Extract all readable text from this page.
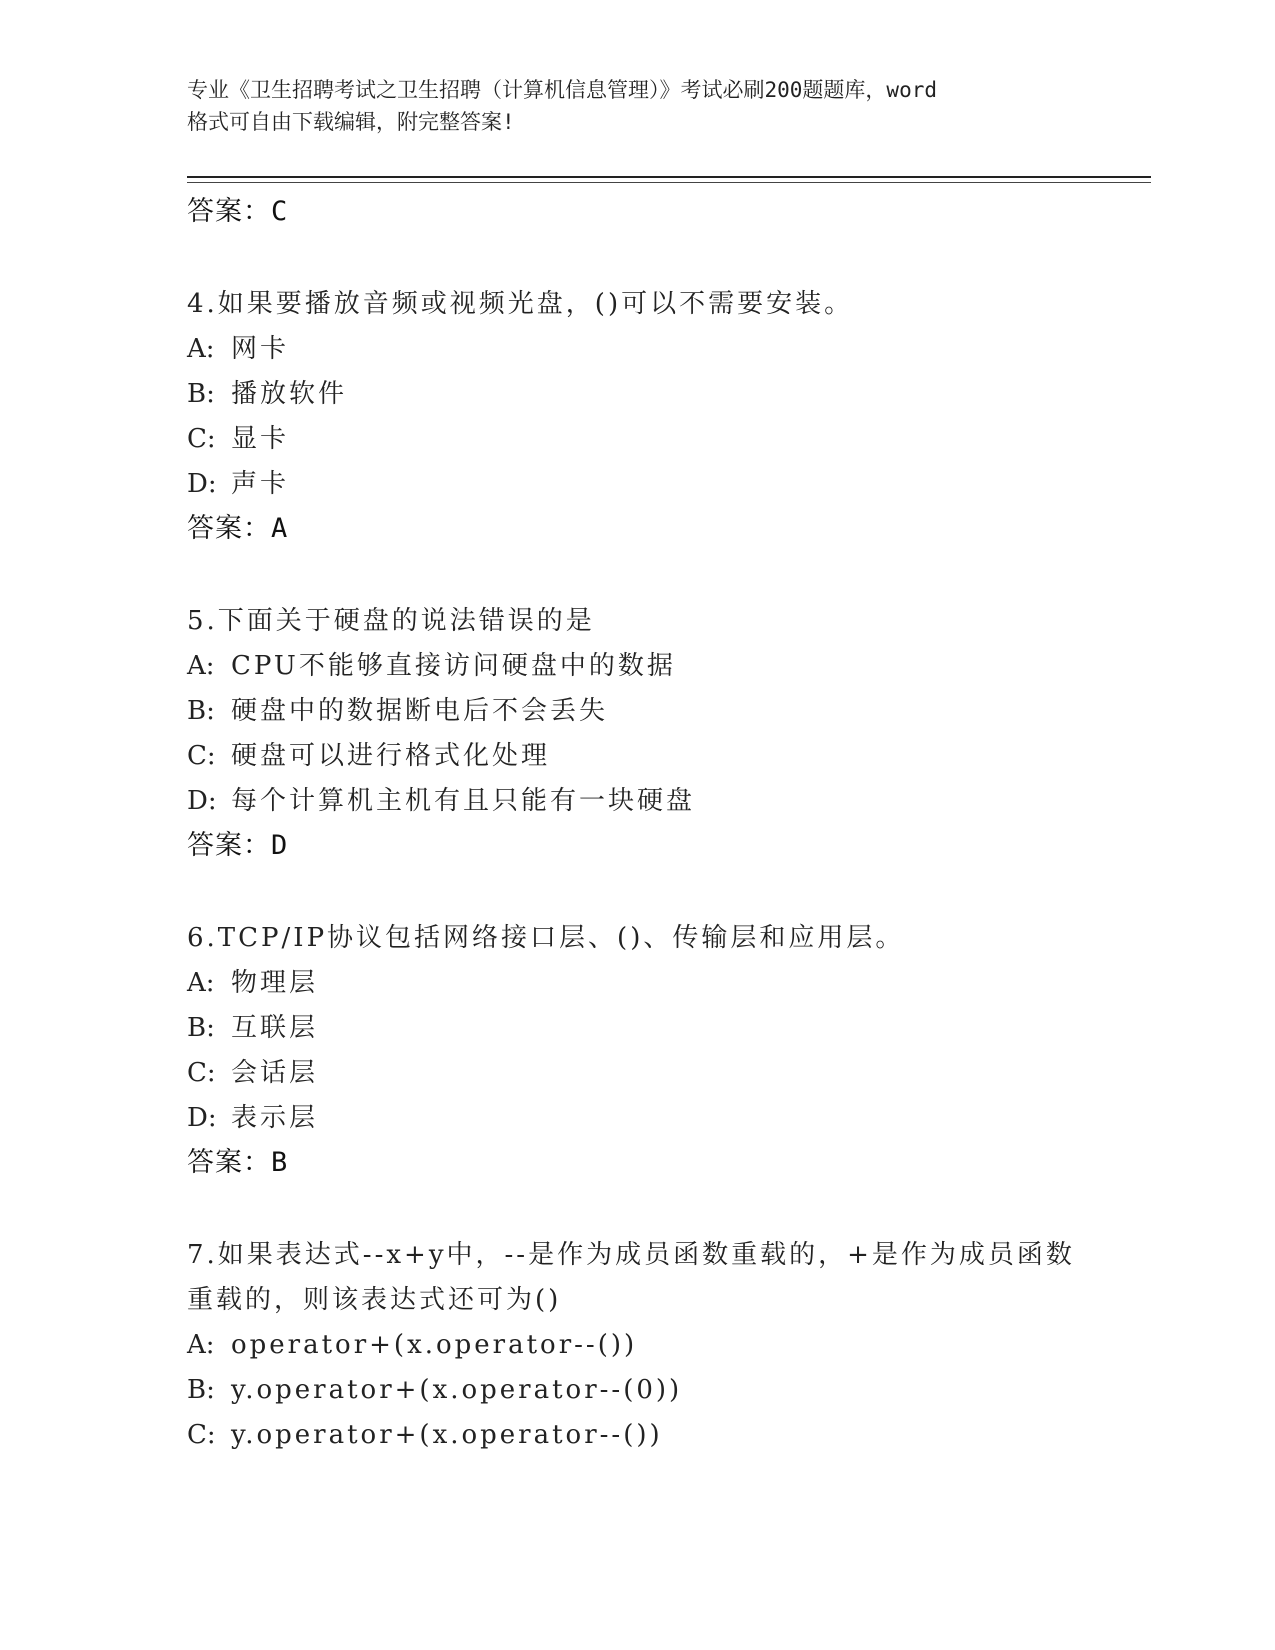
专业《卫生招聘考试之卫生招聘（计算机信息管理）》考试必刷200题题库，word
格式可自由下载编辑，附完整答案!
答案：C
4.如果要播放音频或视频光盘，()可以不需要安装。
A: 网卡
B: 播放软件
C: 显卡
D: 声卡
答案：A
5.下面关于硬盘的说法错误的是
A: CPU不能够直接访问硬盘中的数据
B: 硬盘中的数据断电后不会丢失
C: 硬盘可以进行格式化处理
D: 每个计算机主机有且只能有一块硬盘
答案：D
6.TCP/IP协议包括网络接口层、()、传输层和应用层。
A: 物理层
B: 互联层
C: 会话层
D: 表示层
答案：B
7.如果表达式--x+y中，--是作为成员函数重载的，+是作为成员函数
重载的，则该表达式还可为()
A: operator+(x.operator--())
B: y.operator+(x.operator--(0))
C: y.operator+(x.operator--())
